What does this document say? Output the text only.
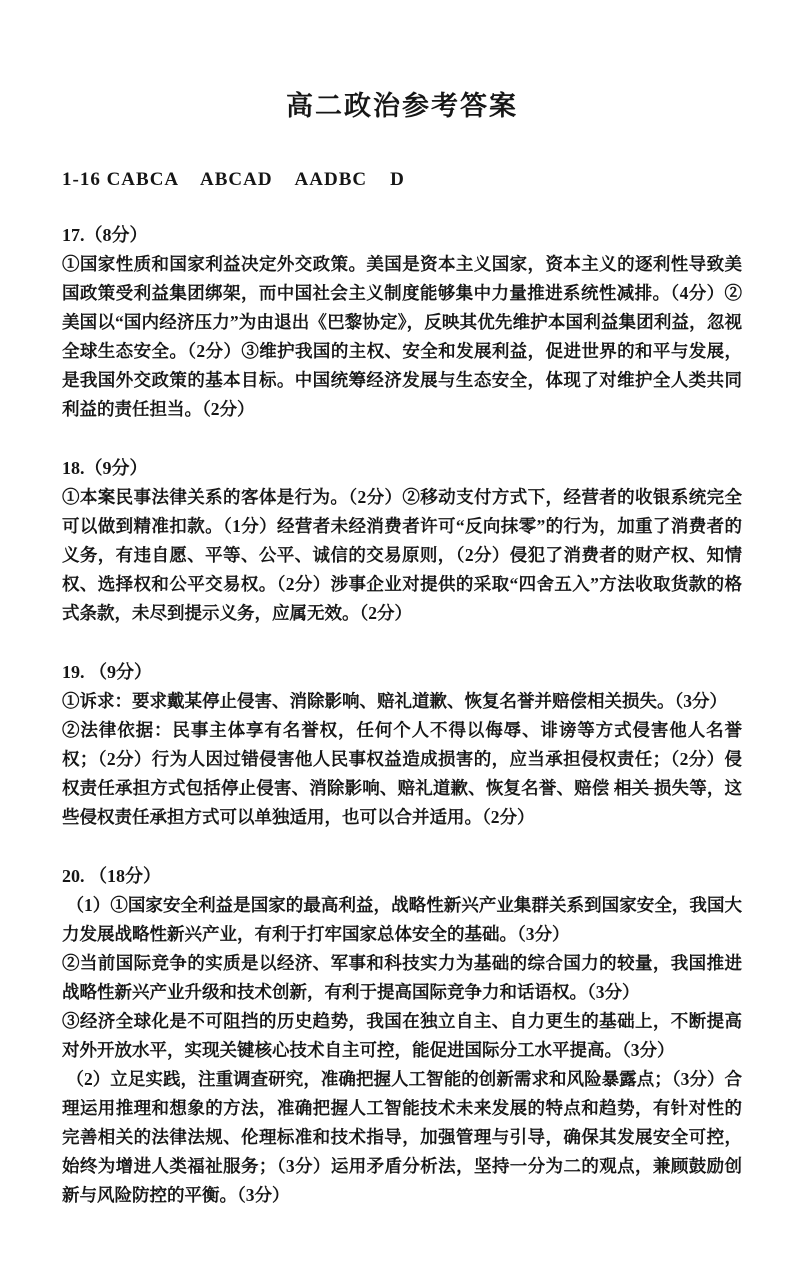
高二政治参考答案
1-16 CABCA    ABCAD    AADBC    D
17.（8分）

①国家性质和国家利益决定外交政策。美国是资本主义国家，资本主义的逐利性导致美国政策受利益集团绑架，而中国社会主义制度能够集中力量推进系统性减排。（4分）②美国以“国内经济压力”为由退出《巴黎协定》，反映其优先维护本国利益集团利益，忽视全球生态安全。（2分）③维护我国的主权、安全和发展利益，促进世界的和平与发展，是我国外交政策的基本目标。中国统筹经济发展与生态安全，体现了对维护全人类共同利益的责任担当。（2分）

18.（9分）

①本案民事法律关系的客体是行为。（2分）②移动支付方式下，经营者的收银系统完全可以做到精准扣款。（1分）经营者未经消费者许可“反向抹零”的行为，加重了消费者的义务，有违自愿、平等、公平、诚信的交易原则，（2分）侵犯了消费者的财产权、知情权、选择权和公平交易权。（2分）涉事企业对提供的采取“四舍五入”方法收取货款的格式条款，未尽到提示义务，应属无效。（2分）

19. （9分）

①诉求：要求戴某停止侵害、消除影响、赔礼道歉、恢复名誉并赔偿相关损失。（3分）

②法律依据：民事主体享有名誉权，任何个人不得以侮辱、诽谤等方式侵害他人名誉权；（2分）行为人因过错侵害他人民事权益造成损害的，应当承担侵权责任；（2分）侵权责任承担方式包括停止侵害、消除影响、赔礼道歉、恢复名誉、赔偿 相关 损失等，这些侵权责任承担方式可以单独适用，也可以合并适用。（2分）

20. （18分）

（1）①国家安全利益是国家的最高利益，战略性新兴产业集群关系到国家安全，我国大力发展战略性新兴产业，有利于打牢国家总体安全的基础。（3分）

②当前国际竞争的实质是以经济、军事和科技实力为基础的综合国力的较量，我国推进战略性新兴产业升级和技术创新，有利于提高国际竞争力和话语权。（3分）

③经济全球化是不可阻挡的历史趋势，我国在独立自主、自力更生的基础上，不断提高对外开放水平，实现关键核心技术自主可控，能促进国际分工水平提高。（3分）

（2）立足实践，注重调查研究，准确把握人工智能的创新需求和风险暴露点；（3分）合理运用推理和想象的方法，准确把握人工智能技术未来发展的特点和趋势，有针对性的完善相关的法律法规、伦理标准和技术指导，加强管理与引导，确保其发展安全可控，始终为增进人类福祉服务；（3分）运用矛盾分析法，坚持一分为二的观点，兼顾鼓励创新与风险防控的平衡。（3分）
